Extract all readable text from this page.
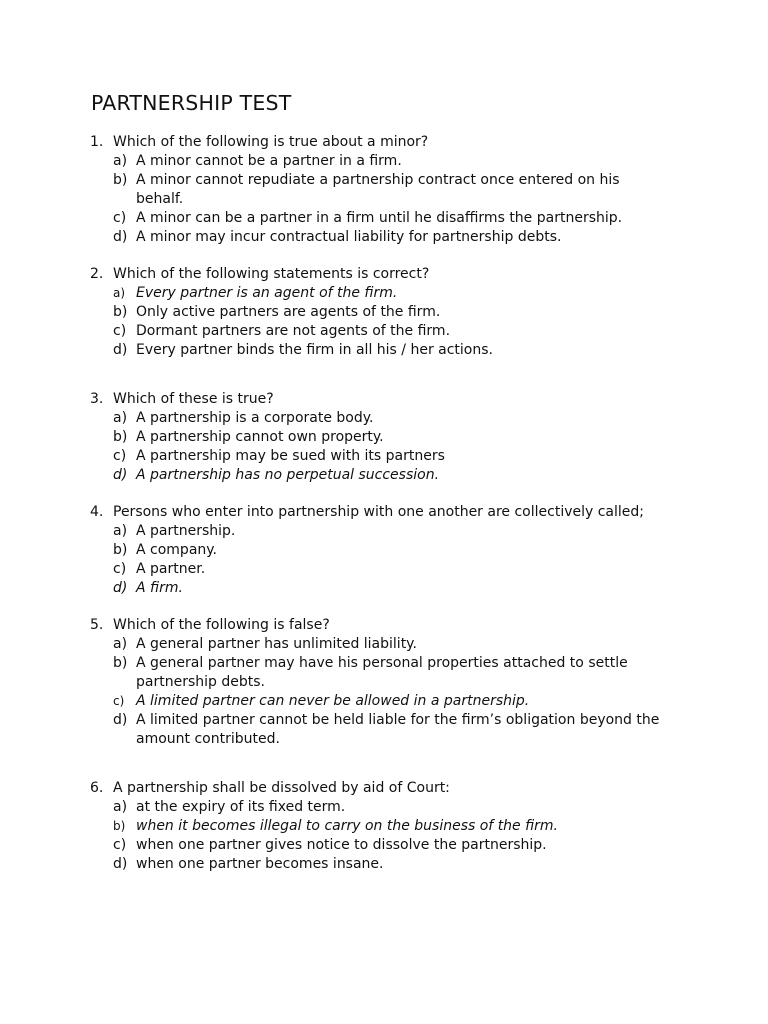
PARTNERSHIP TEST
1. Which of the following is true about a minor?
a) A minor cannot be a partner in a firm.
b) A minor cannot repudiate a partnership contract once entered on his behalf.
c) A minor can be a partner in a firm until he disaffirms the partnership.
d) A minor may incur contractual liability for partnership debts.
2. Which of the following statements is correct?
a) Every partner is an agent of the firm.
b) Only active partners are agents of the firm.
c) Dormant partners are not agents of the firm.
d) Every partner binds the firm in all his / her actions.
3. Which of these is true?
a) A partnership is a corporate body.
b) A partnership cannot own property.
c) A partnership may be sued with its partners
d) A partnership has no perpetual succession.
4. Persons who enter into partnership with one another are collectively called;
a) A partnership.
b) A company.
c) A partner.
d) A firm.
5. Which of the following is false?
a) A general partner has unlimited liability.
b) A general partner may have his personal properties attached to settle partnership debts.
c) A limited partner can never be allowed in a partnership.
d) A limited partner cannot be held liable for the firm’s obligation beyond the amount contributed.
6. A partnership shall be dissolved by aid of Court:
a) at the expiry of its fixed term.
b) when it becomes illegal to carry on the business of the firm.
c) when one partner gives notice to dissolve the partnership.
d) when one partner becomes insane.
